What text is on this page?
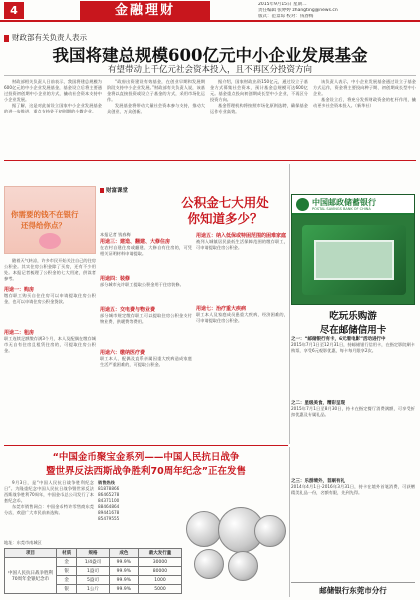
4	金融理财	2015年9月15日 星期二
责任编辑 张婷婷 zhangting@news.cn
版式：范景琼 校对：钱春梅
财政部有关负责人表示
我国将建总规模600亿元中小企业发展基金
有望带动上千亿元社会资本投入，且不再区分投资方向

财政部相关负责人日前表示，我国将建总规模为600亿元的中小企业发展基金，基金设立后将主要通过投资初创期中小企业的方式，撬动社会资本支持中小企业发展。

据了解，这是对此前设立国家中小企业发展基金的进一步推进，重点支持处于初创期的小微企业。

“政府出资建设有效基金，在创业早期和发展期阶段支持中小企业发展。”财政部有关负责人说，该基金将以直接投资或设立子基金的方式，采用市场化运作。

发展基金将带动大量社会资本参与支持，推动大众创业、万众创新。

据介绍，国家财政出资150亿元，通过设立子基金方式募集社会资本，预计基金总规模可达600亿元。基金重点投向初创期成长型中小企业，不再区分投资方向。

基金管理机构将按照市场化原则选聘，确保基金运作专业高效。

该负责人表示，中小企业发展基金通过设立子基金方式运作，资金将主要投向种子期、初创期成长型中小企业。

基金设立后，将充分发挥财政资金的杠杆作用，撬动更多社会资本投入。（新华社）

你需要的钱不在银行
还得给你点？
财富课堂
公积金七大用处
你知道多少？

随着天气转凉，许多市民开始关注自己的住房公积金。其实住房公积金除了买房，还有不少用处。本报记者梳理了公积金的七大用途，供读者参考。

用途一：购房
缴存职工购买自住住房可以申请提取住房公积金，也可以申请住房公积金贷款。
用途二：租房
职工连续足额缴存满3个月，本人及配偶在缴存城市无自有住房且租赁住房的，可提取住房公积金。
本报记者 钱春梅
用途三：建造、翻建、大修住房
在农村自建住房或翻建、大修自有住房的，可凭相关证明材料申请提取。
用途四：装修
部分城市允许职工提取公积金用于住房装修。
用途五：交电费与物业费
部分城市规定缴存职工可以提取住房公积金支付物业费、供暖费等费用。
用途六：缴纳医疗费
职工本人、配偶及直系亲属因重大疾病造成家庭生活严重困难的，可提取公积金。
用途五：纳入低保或特困范围的困难家庭
被列入城镇居民最低生活保障范围的缴存职工，可申请提取住房公积金。
用途七：治疗重大疾病
职工本人及家庭成员患重大疾病，经济困难的，可申请提取住房公积金。
中国邮政储蓄银行
POSTAL SAVINGS BANK OF CHINA
吃玩乐购游
尽在邮储信用卡
之一：“邮储银行有卡，6元看电影”活动进行中
2015年7月1日至12月31日，持邮储银行信用卡，在指定影院刷卡购票，享受6元观影优惠，每卡每月限享2次。
之二：星级美食，精彩呈现
2015年7月1日至8月30日，持卡在指定餐厅消费满额，可享受折扣优惠及专属礼品。
之三：乐游境外，首刷有礼
2014年4月1日-2016年3月31日，持卡在境外首笔消费，可获赠精美礼品一份，名额有限，先到先得。
邮储银行东莞市分行
“中国金币聚宝金系列——中国人民抗日战争
暨世界反法西斯战争胜利70周年纪念”正在发售

9月3日，是“中国人民抗日战争胜利纪念日”。为隆重纪念中国人民抗日战争暨世界反法西斯战争胜利70周年，中国金币总公司发行了本套纪念币。

东莞市销售网点：中国金币特许零售商东莞分店，欢迎广大市民前来选购。

地址：东莞市南城区
销售热线
81878866
86465278
84371100
88464864
89441678
85479555
项目	材质	规格	成色	最大发行量
中国人民抗日战争胜利70周年金银纪念币	金	1/4盎司	99.9%	30000
	银	1盎司	99.9%	80000
	金	5盎司	99.9%	1000
	银	1公斤	99.9%	5000
